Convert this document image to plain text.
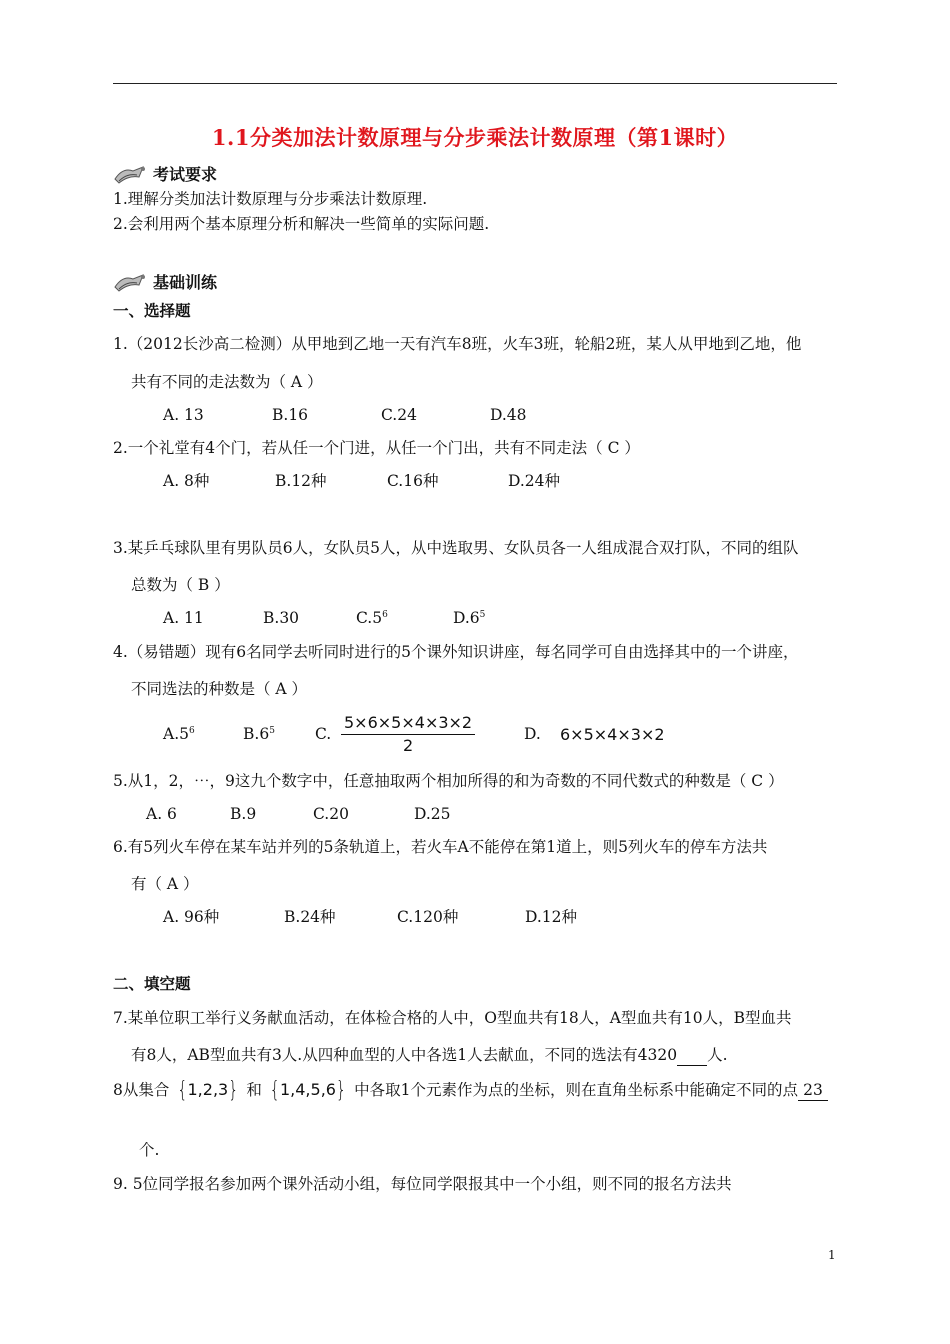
1.1分类加法计数原理与分步乘法计数原理（第1课时）
考试要求
1.理解分类加法计数原理与分步乘法计数原理.
2.会利用两个基本原理分析和解决一些简单的实际问题.
基础训练
一、选择题
1.（2012长沙高二检测）从甲地到乙地一天有汽车8班，火车3班，轮船2班，某人从甲地到乙地，他
共有不同的走法数为（ A ）
A. 13	B.16	C.24	D.48
2.一个礼堂有4个门，若从任一个门进，从任一个门出，共有不同走法（ C ）
A. 8种	B.12种	C.16种	D.24种
3.某乒乓球队里有男队员6人，女队员5人，从中选取男、女队员各一人组成混合双打队，不同的组队
总数为（ B ）
A. 11	B.30	$C.5^6$	$D.6^5$
4.（易错题）现有6名同学去听同时进行的5个课外知识讲座，每名同学可自由选择其中的一个讲座，
不同选法的种数是（ A ）
$A.5^6$	$B.6^5$	C.	D.
$\frac{5\times 6\times 5\times 4\times 3\times 2}{2}$	6×5×4×3×2
5.从1，2，⋯，9这九个数字中，任意抽取两个相加所得的和为奇数的不同代数式的种数是（ C ）
A. 6	B.9	C.20	D.25
6.有5列火车停在某车站并列的5条轨道上，若火车A不能停在第1道上，则5列火车的停车方法共
有（ A ）
A. 96种	B.24种	C.120种	D.12种
二、填空题
7.某单位职工举行义务献血活动，在体检合格的人中，O型血共有18人，A型血共有10人，B型血共
有8人，AB型血共有3人.从四种血型的人中各选1人去献血，不同的选法有4320 人.
8从集合 {1,2,3} 和 {1,4,5,6} 中各取1个元素作为点的坐标，则在直角坐标系中能确定不同的点 23
个.
9. 5位同学报名参加两个课外活动小组，每位同学限报其中一个小组，则不同的报名方法共
1
